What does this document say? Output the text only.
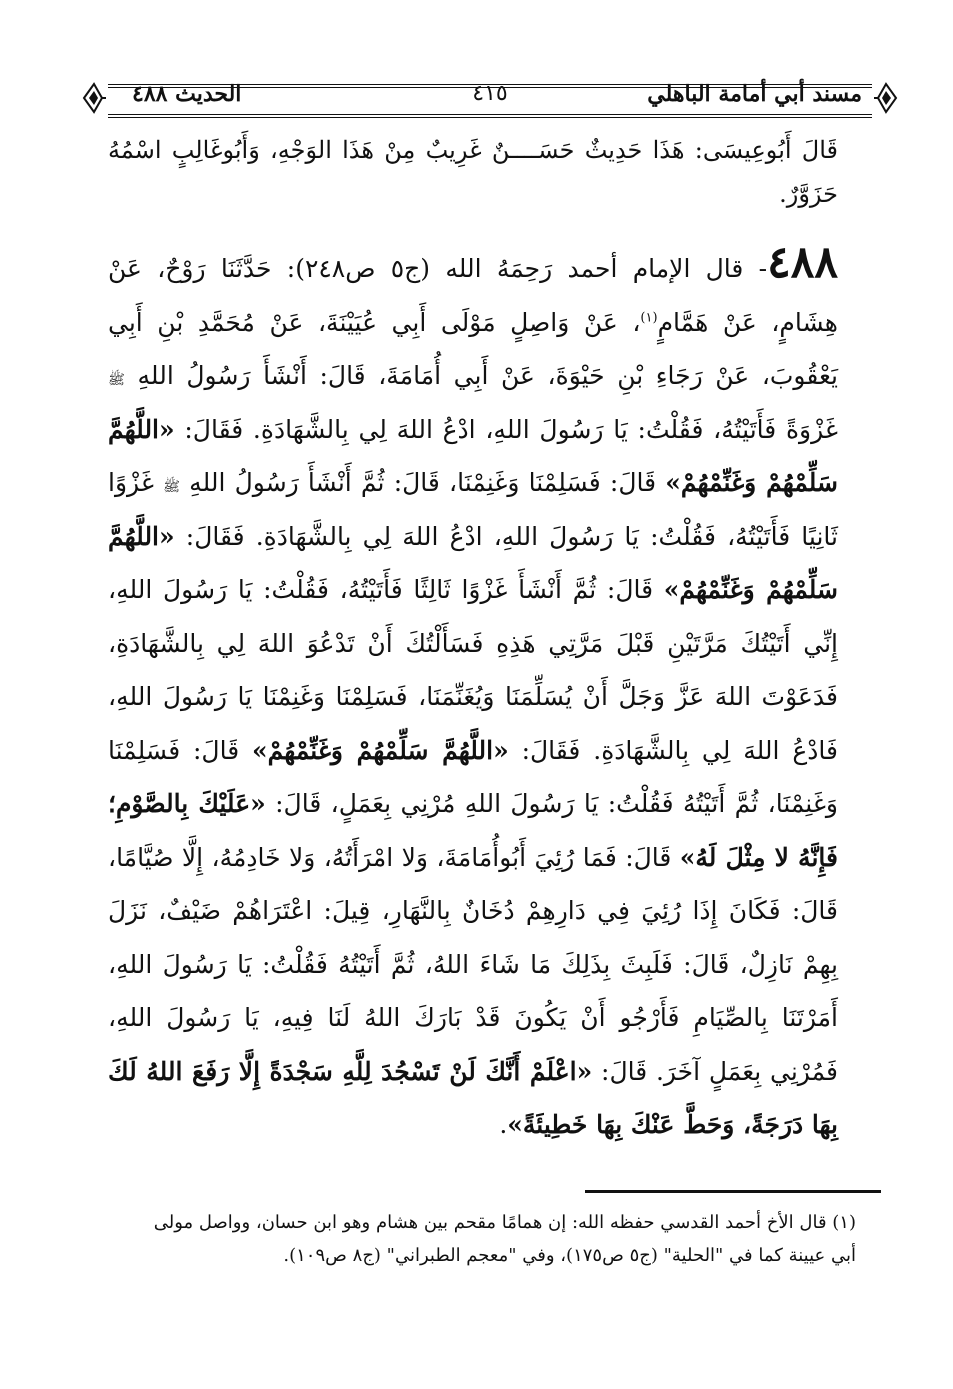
مسند أبي أمامة الباهلي
٤١٥
الحديث ٤٨٨

قَالَ أَبُوعِيسَى: هَذَا حَدِيثٌ حَسَــــنٌ غَرِيبٌ مِنْ هَذَا الوَجْهِ، وَأَبُوغَالِبٍ اسْمُهُ حَزَوَّرٌ.

٤٨٨- قال الإمام أحمد رَحِمَهُ الله (ج٥ ص٢٤٨): حَدَّثَنَا رَوْحٌ، عَنْ هِشَامٍ، عَنْ هَمَّامٍ$^{(١)}$، عَنْ وَاصِلٍ مَوْلَى أَبِي عُيَيْنَةَ، عَنْ مُحَمَّدِ بْنِ أَبِي يَعْقُوبَ، عَنْ رَجَاءِ بْنِ حَيْوَةَ، عَنْ أَبِي أُمَامَةَ، قَالَ: أَنْشَأَ رَسُولُ اللهِ ﷺ غَزْوَةً فَأَتَيْتُهُ، فَقُلْتُ: يَا رَسُولَ اللهِ، ادْعُ اللهَ لِي بِالشَّهَادَةِ. فَقَالَ: «اللَّهُمَّ سَلِّمْهُمْ وَغَنِّمْهُمْ» قَالَ: فَسَلِمْنَا وَغَنِمْنَا، قَالَ: ثُمَّ أَنْشَأَ رَسُولُ اللهِ ﷺ غَزْوًا ثَانِيًا فَأَتَيْتُهُ، فَقُلْتُ: يَا رَسُولَ اللهِ، ادْعُ اللهَ لِي بِالشَّهَادَةِ. فَقَالَ: «اللَّهُمَّ سَلِّمْهُمْ وَغَنِّمْهُمْ» قَالَ: ثُمَّ أَنْشَأَ غَزْوًا ثَالِثًا فَأَتَيْتُهُ، فَقُلْتُ: يَا رَسُولَ اللهِ، إِنِّي أَتَيْتُكَ مَرَّتَيْنِ قَبْلَ مَرَّتِي هَذِهِ فَسَأَلْتُكَ أَنْ تَدْعُوَ اللهَ لِي بِالشَّهَادَةِ، فَدَعَوْتَ اللهَ عَزَّ وَجَلَّ أَنْ يُسَلِّمَنَا وَيُغَنِّمَنَا، فَسَلِمْنَا وَغَنِمْنَا يَا رَسُولَ اللهِ، فَادْعُ اللهَ لِي بِالشَّهَادَةِ. فَقَالَ: «اللَّهُمَّ سَلِّمْهُمْ وَغَنِّمْهُمْ» قَالَ: فَسَلِمْنَا وَغَنِمْنَا، ثُمَّ أَتَيْتُهُ فَقُلْتُ: يَا رَسُولَ اللهِ مُرْنِي بِعَمَلٍ، قَالَ: «عَلَيْكَ بِالصَّوْمِ؛ فَإِنَّهُ لا مِثْلَ لَهُ» قَالَ: فَمَا رُئِيَ أَبُوأُمَامَةَ، وَلا امْرَأَتُهُ، وَلا خَادِمُهُ، إِلَّا صُيَّامًا، قَالَ: فَكَانَ إِذَا رُئِيَ فِي دَارِهِمْ دُخَانٌ بِالنَّهَارِ، قِيلَ: اعْتَرَاهُمْ ضَيْفٌ، نَزَلَ بِهِمْ نَازِلٌ، قَالَ: فَلَبِثَ بِذَلِكَ مَا شَاءَ اللهُ، ثُمَّ أَتَيْتُهُ فَقُلْتُ: يَا رَسُولَ اللهِ، أَمَرْتَنَا بِالصِّيَامِ فَأَرْجُو أَنْ يَكُونَ قَدْ بَارَكَ اللهُ لَنَا فِيهِ، يَا رَسُولَ اللهِ، فَمُرْنِي بِعَمَلٍ آخَرَ. قَالَ: «اعْلَمْ أَنَّكَ لَنْ تَسْجُدَ لِلَّهِ سَجْدَةً إِلَّا رَفَعَ اللهُ لَكَ بِهَا دَرَجَةً، وَحَطَّ عَنْكَ بِهَا خَطِيئَةً».

(١) قال الأخ أحمد القدسي حفظه الله: إن همامًا مقحم بين هشام وهو ابن حسان، وواصل مولى
أبي عيينة كما في "الحلية" (ج٥ ص١٧٥)، وفي "معجم الطبراني" (ج٨ ص١٠٩).
